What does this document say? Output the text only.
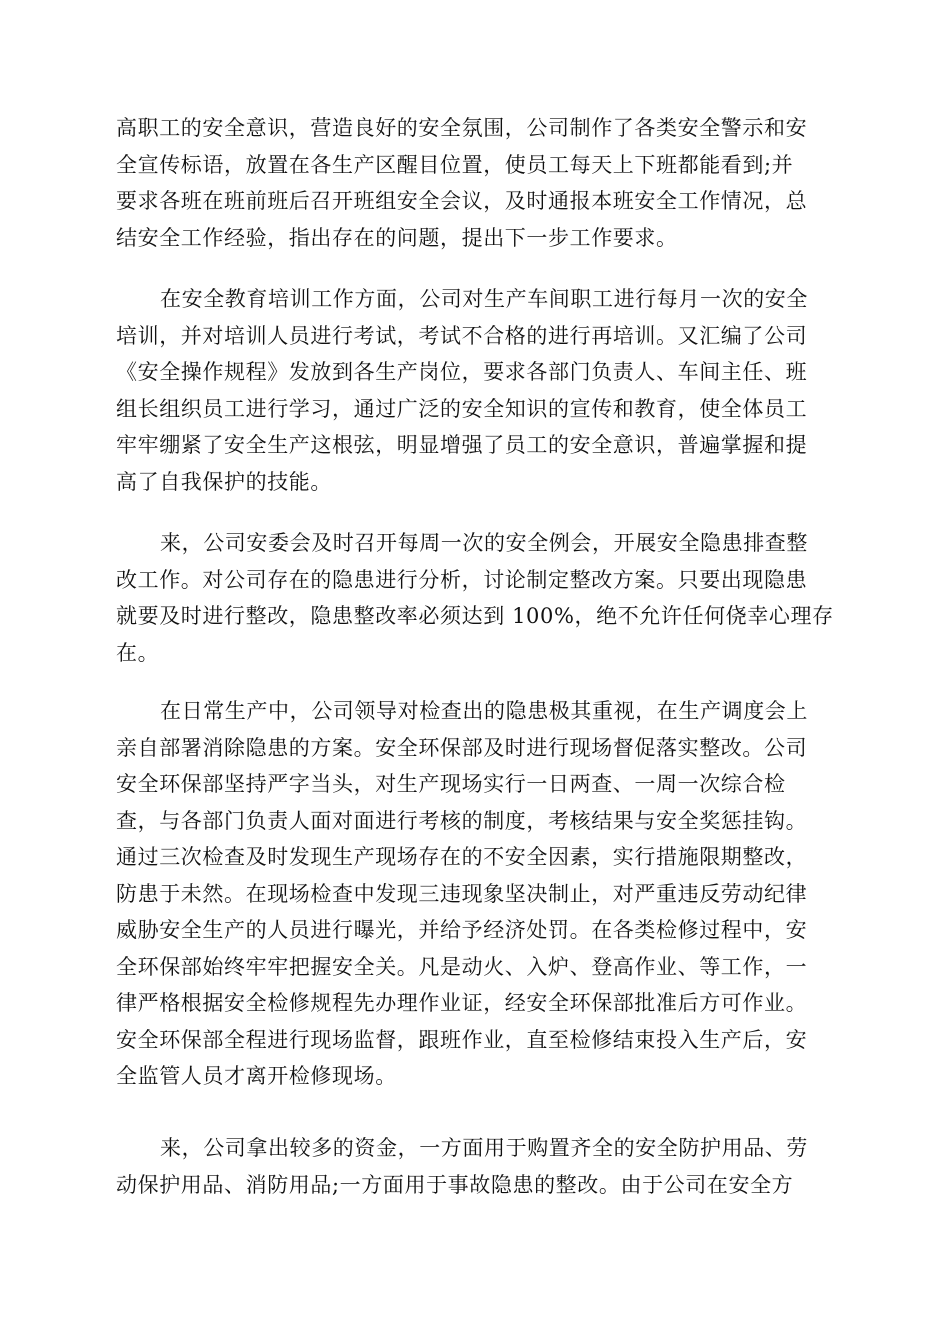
高职工的安全意识，营造良好的安全氛围，公司制作了各类安全警示和安
全宣传标语，放置在各生产区醒目位置，使员工每天上下班都能看到;并
要求各班在班前班后召开班组安全会议，及时通报本班安全工作情况，总
结安全工作经验，指出存在的问题，提出下一步工作要求。
在安全教育培训工作方面，公司对生产车间职工进行每月一次的安全
培训，并对培训人员进行考试，考试不合格的进行再培训。又汇编了公司
《安全操作规程》发放到各生产岗位，要求各部门负责人、车间主任、班
组长组织员工进行学习，通过广泛的安全知识的宣传和教育，使全体员工
牢牢绷紧了安全生产这根弦，明显增强了员工的安全意识，普遍掌握和提
高了自我保护的技能。
来，公司安委会及时召开每周一次的安全例会，开展安全隐患排查整
改工作。对公司存在的隐患进行分析，讨论制定整改方案。只要出现隐患
就要及时进行整改，隐患整改率必须达到 100%，绝不允许任何侥幸心理存
在。
在日常生产中，公司领导对检查出的隐患极其重视，在生产调度会上
亲自部署消除隐患的方案。安全环保部及时进行现场督促落实整改。公司
安全环保部坚持严字当头，对生产现场实行一日两查、一周一次综合检
查，与各部门负责人面对面进行考核的制度，考核结果与安全奖惩挂钩。
通过三次检查及时发现生产现场存在的不安全因素，实行措施限期整改，
防患于未然。在现场检查中发现三违现象坚决制止，对严重违反劳动纪律
威胁安全生产的人员进行曝光，并给予经济处罚。在各类检修过程中，安
全环保部始终牢牢把握安全关。凡是动火、入炉、登高作业、等工作，一
律严格根据安全检修规程先办理作业证，经安全环保部批准后方可作业。
安全环保部全程进行现场监督，跟班作业，直至检修结束投入生产后，安
全监管人员才离开检修现场。
来，公司拿出较多的资金，一方面用于购置齐全的安全防护用品、劳
动保护用品、消防用品;一方面用于事故隐患的整改。由于公司在安全方
